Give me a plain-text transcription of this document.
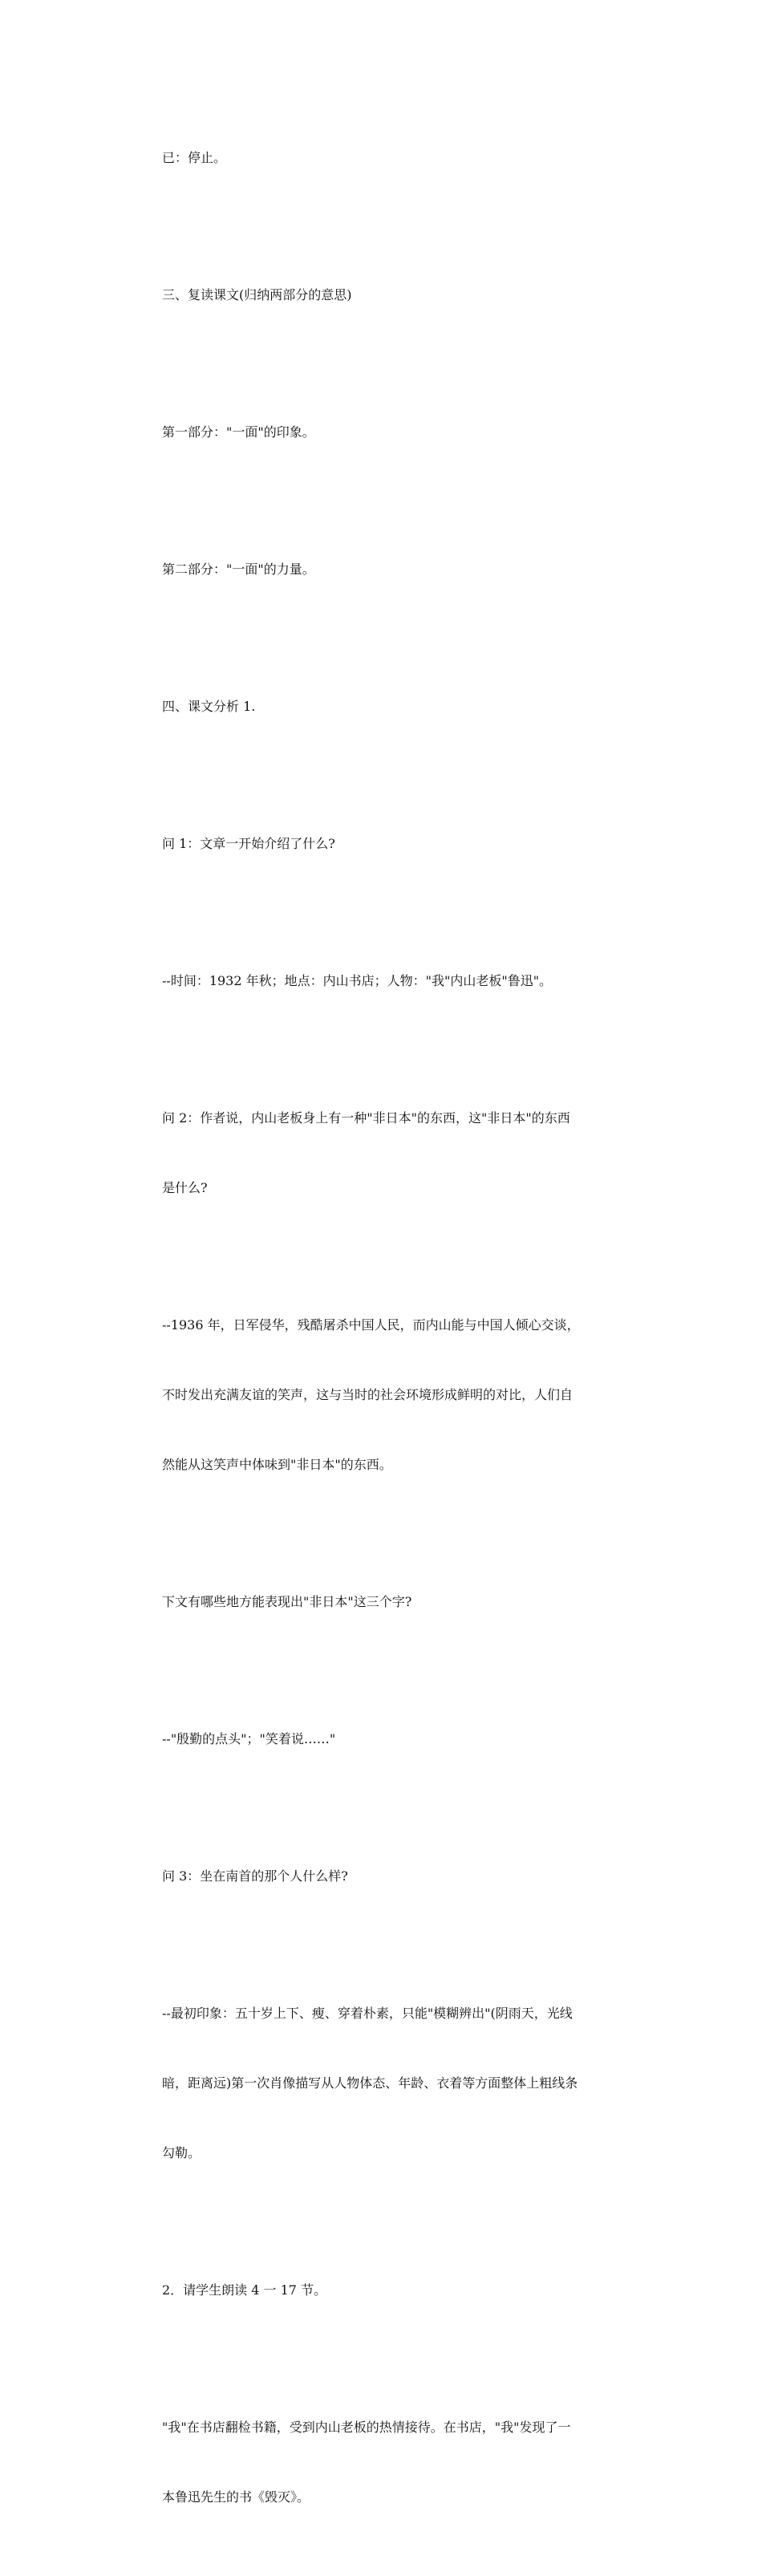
已：停止。

三、复读课文(归纳两部分的意思)

第一部分："一面"的印象。

第二部分："一面"的力量。

四、课文分析 1.

问 1：文章一开始介绍了什么?

--时间：1932 年秋；地点：内山书店；人物："我"内山老板"鲁迅"。

问 2：作者说，内山老板身上有一种"非日本"的东西，这"非日本"的东西

是什么?

--1936 年，日军侵华，残酷屠杀中国人民，而内山能与中国人倾心交谈，

不时发出充满友谊的笑声，这与当时的社会环境形成鲜明的对比，人们自

然能从这笑声中体味到"非日本"的东西。

下文有哪些地方能表现出"非日本"这三个字?

--"殷勤的点头"；"笑着说……"

问 3：坐在南首的那个人什么样?

--最初印象：五十岁上下、瘦、穿着朴素，只能"模糊辨出"(阴雨天，光线

暗，距离远)第一次肖像描写从人物体态、年龄、衣着等方面整体上粗线条

勾勒。

2．请学生朗读 4 一 17 节。

"我"在书店翻检书籍，受到内山老板的热情接待。在书店，"我"发现了一

本鲁迅先生的书《毁灭》。
